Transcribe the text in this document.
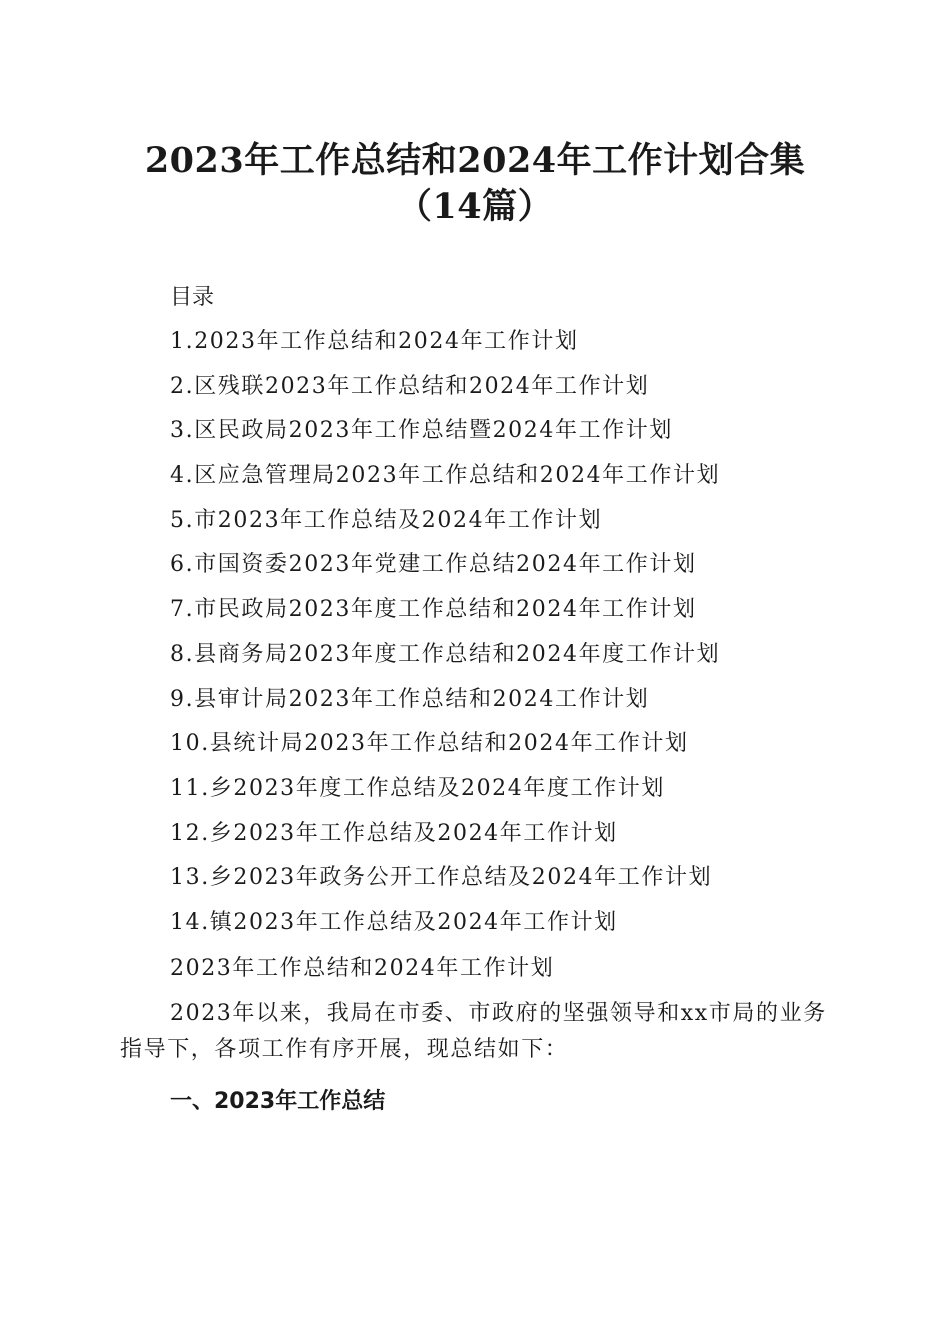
2023年工作总结和2024年工作计划合集（14篇）

目录

1.2023年工作总结和2024年工作计划
2.区残联2023年工作总结和2024年工作计划
3.区民政局2023年工作总结暨2024年工作计划
4.区应急管理局2023年工作总结和2024年工作计划
5.市2023年工作总结及2024年工作计划
6.市国资委2023年党建工作总结2024年工作计划
7.市民政局2023年度工作总结和2024年工作计划
8.县商务局2023年度工作总结和2024年度工作计划
9.县审计局2023年工作总结和2024工作计划
10.县统计局2023年工作总结和2024年工作计划
11.乡2023年度工作总结及2024年度工作计划
12.乡2023年工作总结及2024年工作计划
13.乡2023年政务公开工作总结及2024年工作计划
14.镇2023年工作总结及2024年工作计划

2023年工作总结和2024年工作计划

2023年以来，我局在市委、市政府的坚强领导和xx市局的业务指导下，各项工作有序开展，现总结如下：

一、2023年工作总结
